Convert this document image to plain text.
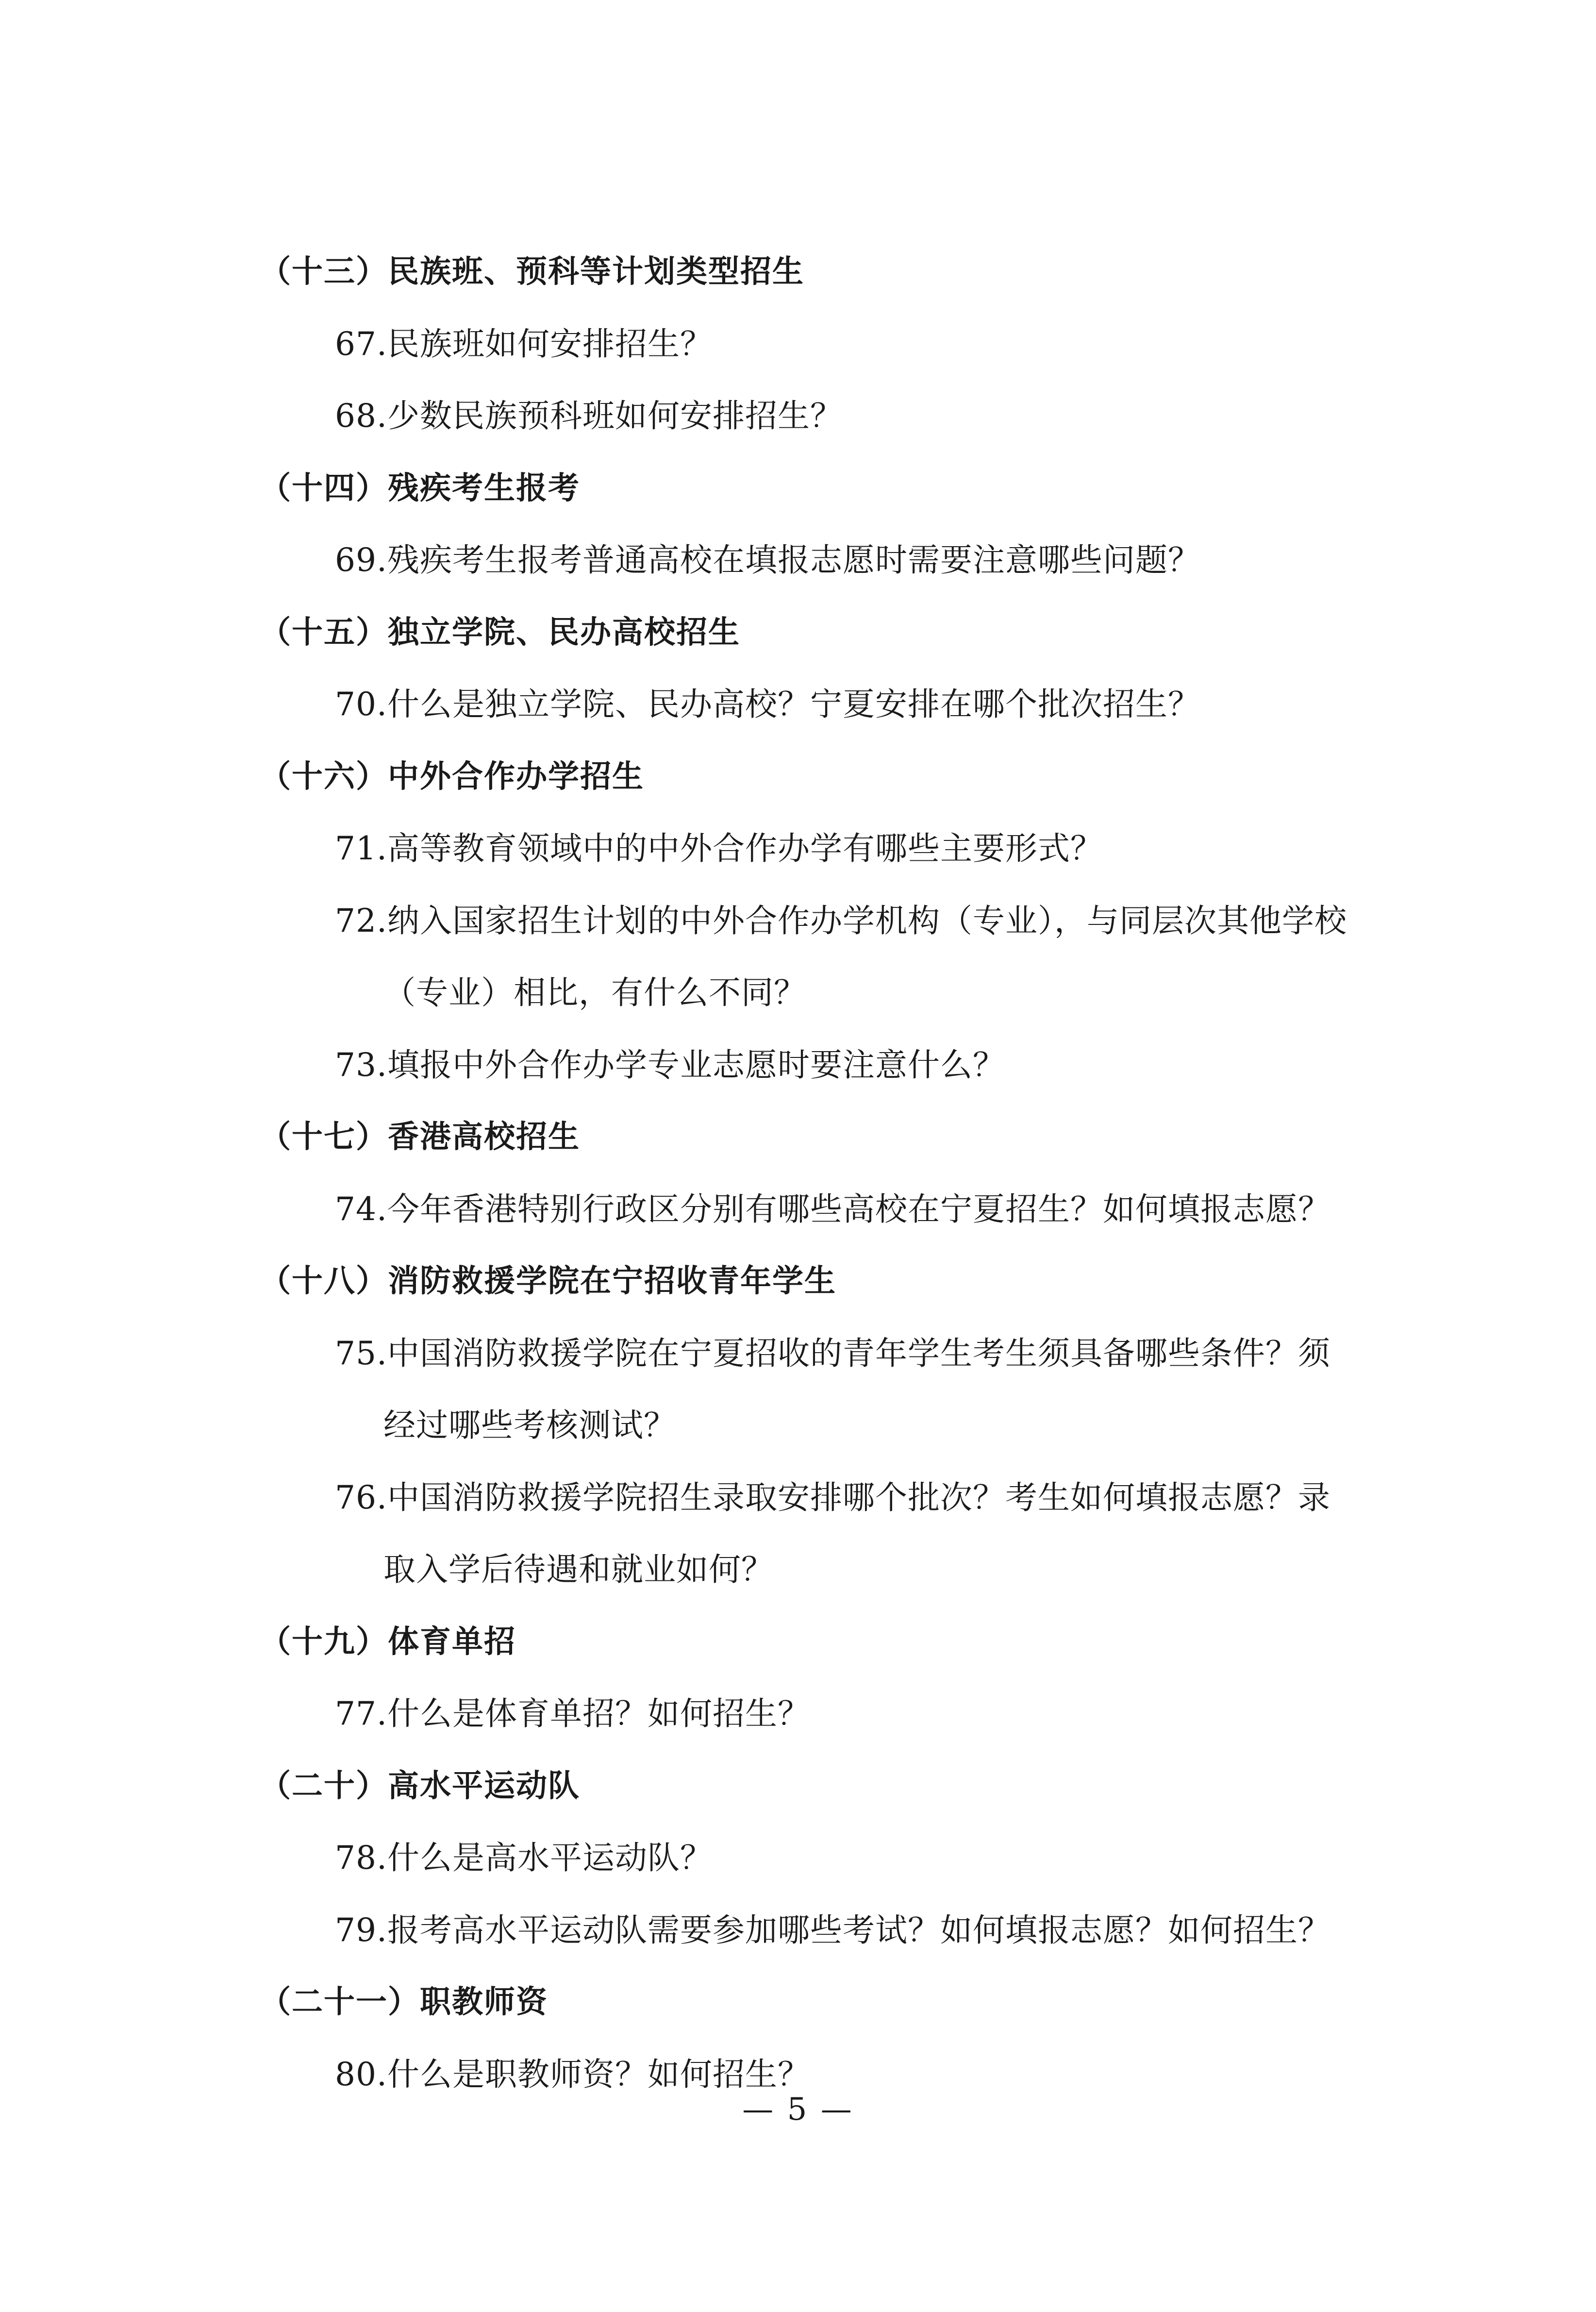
（十三）民族班、预科等计划类型招生
67.民族班如何安排招生？
68.少数民族预科班如何安排招生？
（十四）残疾考生报考
69.残疾考生报考普通高校在填报志愿时需要注意哪些问题？
（十五）独立学院、民办高校招生
70.什么是独立学院、民办高校？宁夏安排在哪个批次招生？
（十六）中外合作办学招生
71.高等教育领域中的中外合作办学有哪些主要形式？
72.纳入国家招生计划的中外合作办学机构（专业），与同层次其他学校
（专业）相比，有什么不同？
73.填报中外合作办学专业志愿时要注意什么？
（十七）香港高校招生
74.今年香港特别行政区分别有哪些高校在宁夏招生？如何填报志愿？
（十八）消防救援学院在宁招收青年学生
75.中国消防救援学院在宁夏招收的青年学生考生须具备哪些条件？须
经过哪些考核测试？
76.中国消防救援学院招生录取安排哪个批次？考生如何填报志愿？录
取入学后待遇和就业如何？
（十九）体育单招
77.什么是体育单招？如何招生？
（二十）高水平运动队
78.什么是高水平运动队？
79.报考高水平运动队需要参加哪些考试？如何填报志愿？如何招生？
（二十一）职教师资
80.什么是职教师资？如何招生？
— 5 —
